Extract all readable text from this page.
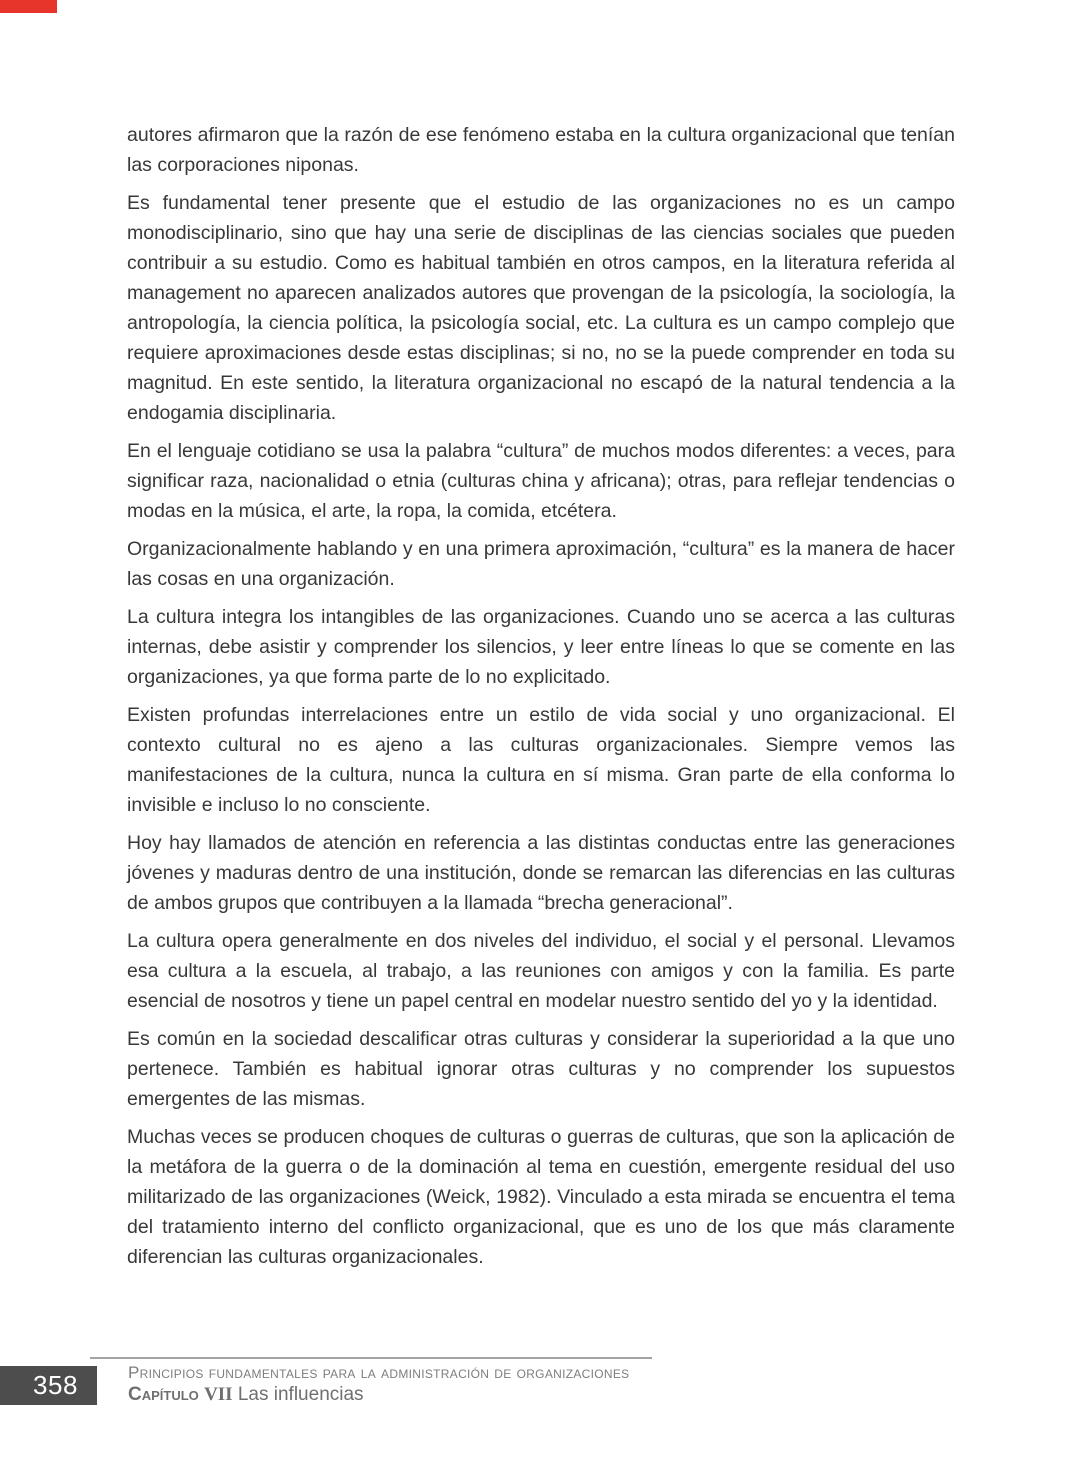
autores afirmaron que la razón de ese fenómeno estaba en la cultura organizacional que tenían las corporaciones niponas.

Es fundamental tener presente que el estudio de las organizaciones no es un campo monodisciplinario, sino que hay una serie de disciplinas de las ciencias sociales que pueden contribuir a su estudio. Como es habitual también en otros campos, en la literatura referida al management no aparecen analizados autores que provengan de la psicología, la sociología, la antropología, la ciencia política, la psicología social, etc. La cultura es un campo complejo que requiere aproximaciones desde estas disciplinas; si no, no se la puede comprender en toda su magnitud. En este sentido, la literatura organizacional no escapó de la natural tendencia a la endogamia disciplinaria.

En el lenguaje cotidiano se usa la palabra “cultura” de muchos modos diferentes: a veces, para significar raza, nacionalidad o etnia (culturas china y africana); otras, para reflejar tendencias o modas en la música, el arte, la ropa, la comida, etcétera.

Organizacionalmente hablando y en una primera aproximación, “cultura” es la manera de hacer las cosas en una organización.

La cultura integra los intangibles de las organizaciones. Cuando uno se acerca a las culturas internas, debe asistir y comprender los silencios, y leer entre líneas lo que se comente en las organizaciones, ya que forma parte de lo no explicitado.

Existen profundas interrelaciones entre un estilo de vida social y uno organizacional. El contexto cultural no es ajeno a las culturas organizacionales. Siempre vemos las manifestaciones de la cultura, nunca la cultura en sí misma. Gran parte de ella conforma lo invisible e incluso lo no consciente.

Hoy hay llamados de atención en referencia a las distintas conductas entre las generaciones jóvenes y maduras dentro de una institución, donde se remarcan las diferencias en las culturas de ambos grupos que contribuyen a la llamada “brecha generacional”.

La cultura opera generalmente en dos niveles del individuo, el social y el personal. Llevamos esa cultura a la escuela, al trabajo, a las reuniones con amigos y con la familia. Es parte esencial de nosotros y tiene un papel central en modelar nuestro sentido del yo y la identidad.

Es común en la sociedad descalificar otras culturas y considerar la superioridad a la que uno pertenece. También es habitual ignorar otras culturas y no comprender los supuestos emergentes de las mismas.

Muchas veces se producen choques de culturas o guerras de culturas, que son la aplicación de la metáfora de la guerra o de la dominación al tema en cuestión, emergente residual del uso militarizado de las organizaciones (Weick, 1982). Vinculado a esta mirada se encuentra el tema del tratamiento interno del conflicto organizacional, que es uno de los que más claramente diferencian las culturas organizacionales.

358	Principios fundamentales para la administración de organizaciones
Capítulo VII Las influencias
